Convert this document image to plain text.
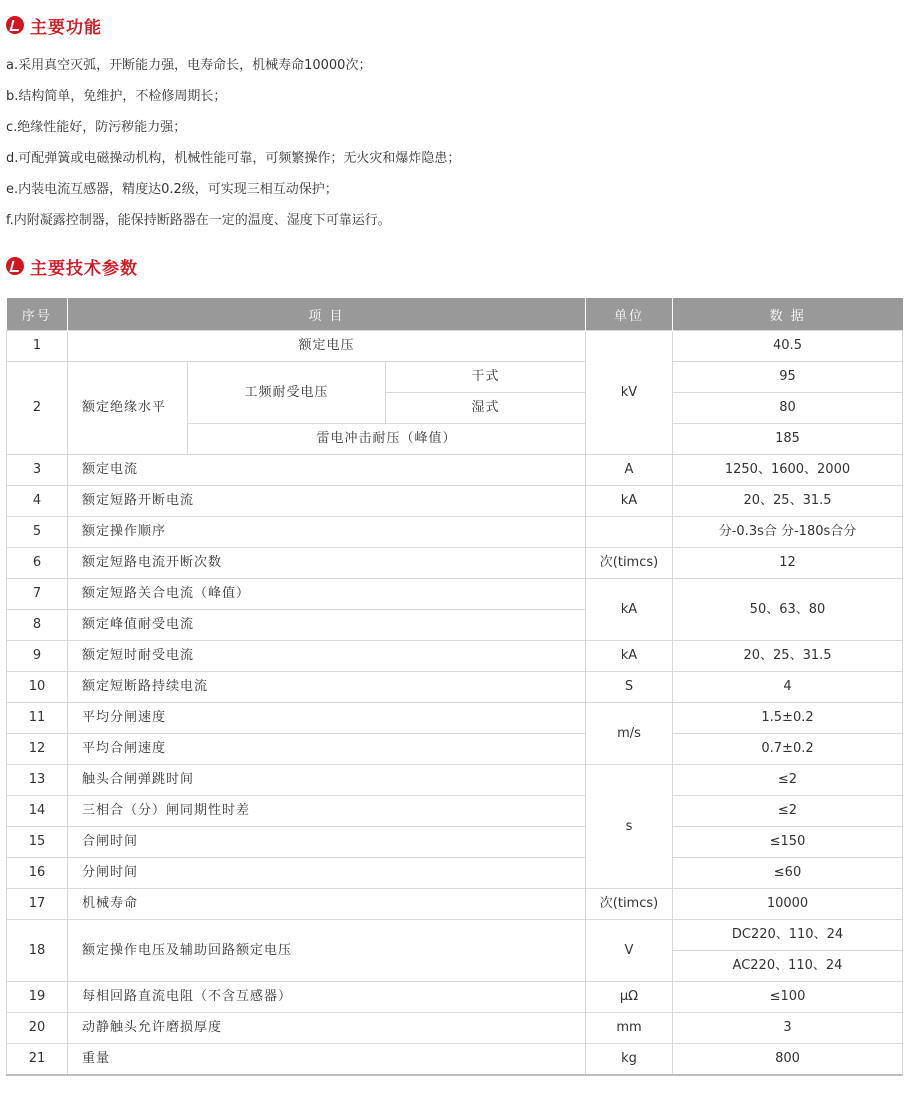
主要功能
a.采用真空灭弧，开断能力强，电寿命长，机械寿命10000次；
b.结构简单，免维护，不检修周期长；
c.绝缘性能好，防污秽能力强；
d.可配弹簧或电磁操动机构，机械性能可靠，可频繁操作；无火灾和爆炸隐患；
e.内装电流互感器，精度达0.2级，可实现三相互动保护；
f.内附凝露控制器，能保持断路器在一定的温度、湿度下可靠运行。
主要技术参数
序号	项 目			单位	数 据
1	额定电压			kV	40.5
2	额定绝缘水平	工频耐受电压	干式		95
			湿式		80
		雷电冲击耐压（峰值）			185
3	额定电流			A	1250、1600、2000
4	额定短路开断电流			kA	20、25、31.5
5	额定操作顺序				分-0.3s合 分-180s合分
6	额定短路电流开断次数			次(timcs)	12
7	额定短路关合电流（峰值）			kA	50、63、80
8	额定峰值耐受电流				
9	额定短时耐受电流			kA	20、25、31.5
10	额定短断路持续电流			S	4
11	平均分闸速度			m/s	1.5±0.2
12	平均合闸速度				0.7±0.2
13	触头合闸弹跳时间			s	≤2
14	三相合（分）闸同期性时差				≤2
15	合闸时间				≤150
16	分闸时间				≤60
17	机械寿命			次(timcs)	10000
18	额定操作电压及辅助回路额定电压			V	DC220、110、24
					AC220、110、24
19	每相回路直流电阻（不含互感器）			μΩ	≤100
20	动静触头允许磨损厚度			mm	3
21	重量			kg	800
